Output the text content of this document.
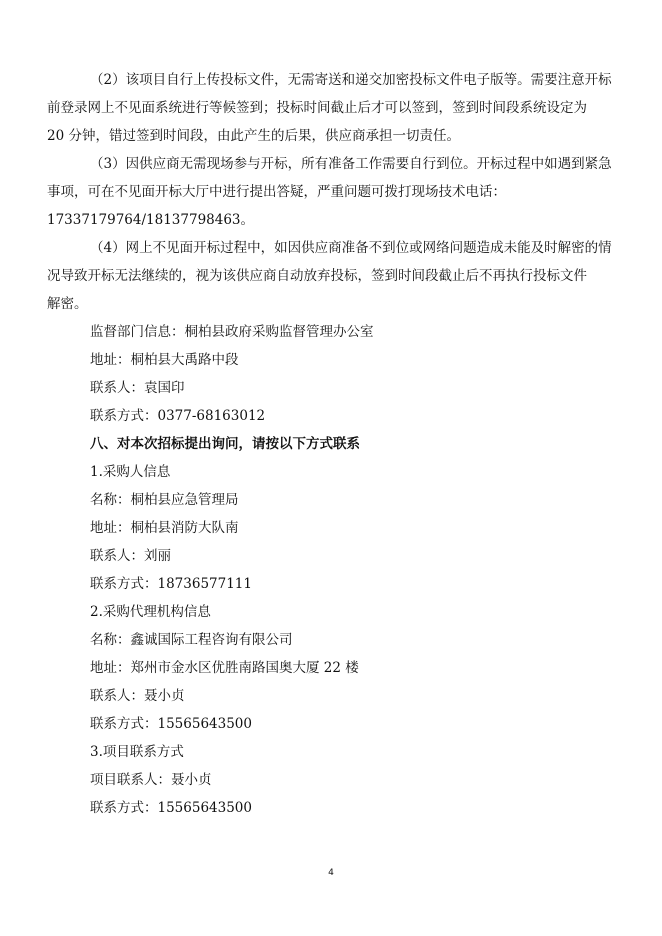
（2）该项目自行上传投标文件，无需寄送和递交加密投标文件电子版等。需要注意开标
前登录网上不见面系统进行等候签到；投标时间截止后才可以签到，签到时间段系统设定为
20 分钟，错过签到时间段，由此产生的后果，供应商承担一切责任。
（3）因供应商无需现场参与开标，所有准备工作需要自行到位。开标过程中如遇到紧急
事项，可在不见面开标大厅中进行提出答疑，严重问题可拨打现场技术电话：
17337179764/18137798463。
（4）网上不见面开标过程中，如因供应商准备不到位或网络问题造成未能及时解密的情
况导致开标无法继续的，视为该供应商自动放弃投标，签到时间段截止后不再执行投标文件
解密。

监督部门信息：桐柏县政府采购监督管理办公室

地址：桐柏县大禹路中段

联系人：袁国印

联系方式：0377-68163012

八、对本次招标提出询问，请按以下方式联系

1.采购人信息

名称：桐柏县应急管理局

地址：桐柏县消防大队南

联系人：刘丽

联系方式：18736577111

2.采购代理机构信息

名称：鑫诚国际工程咨询有限公司

地址：郑州市金水区优胜南路国奥大厦 22 楼

联系人：聂小贞

联系方式：15565643500

3.项目联系方式

项目联系人：聂小贞

联系方式：15565643500

4
